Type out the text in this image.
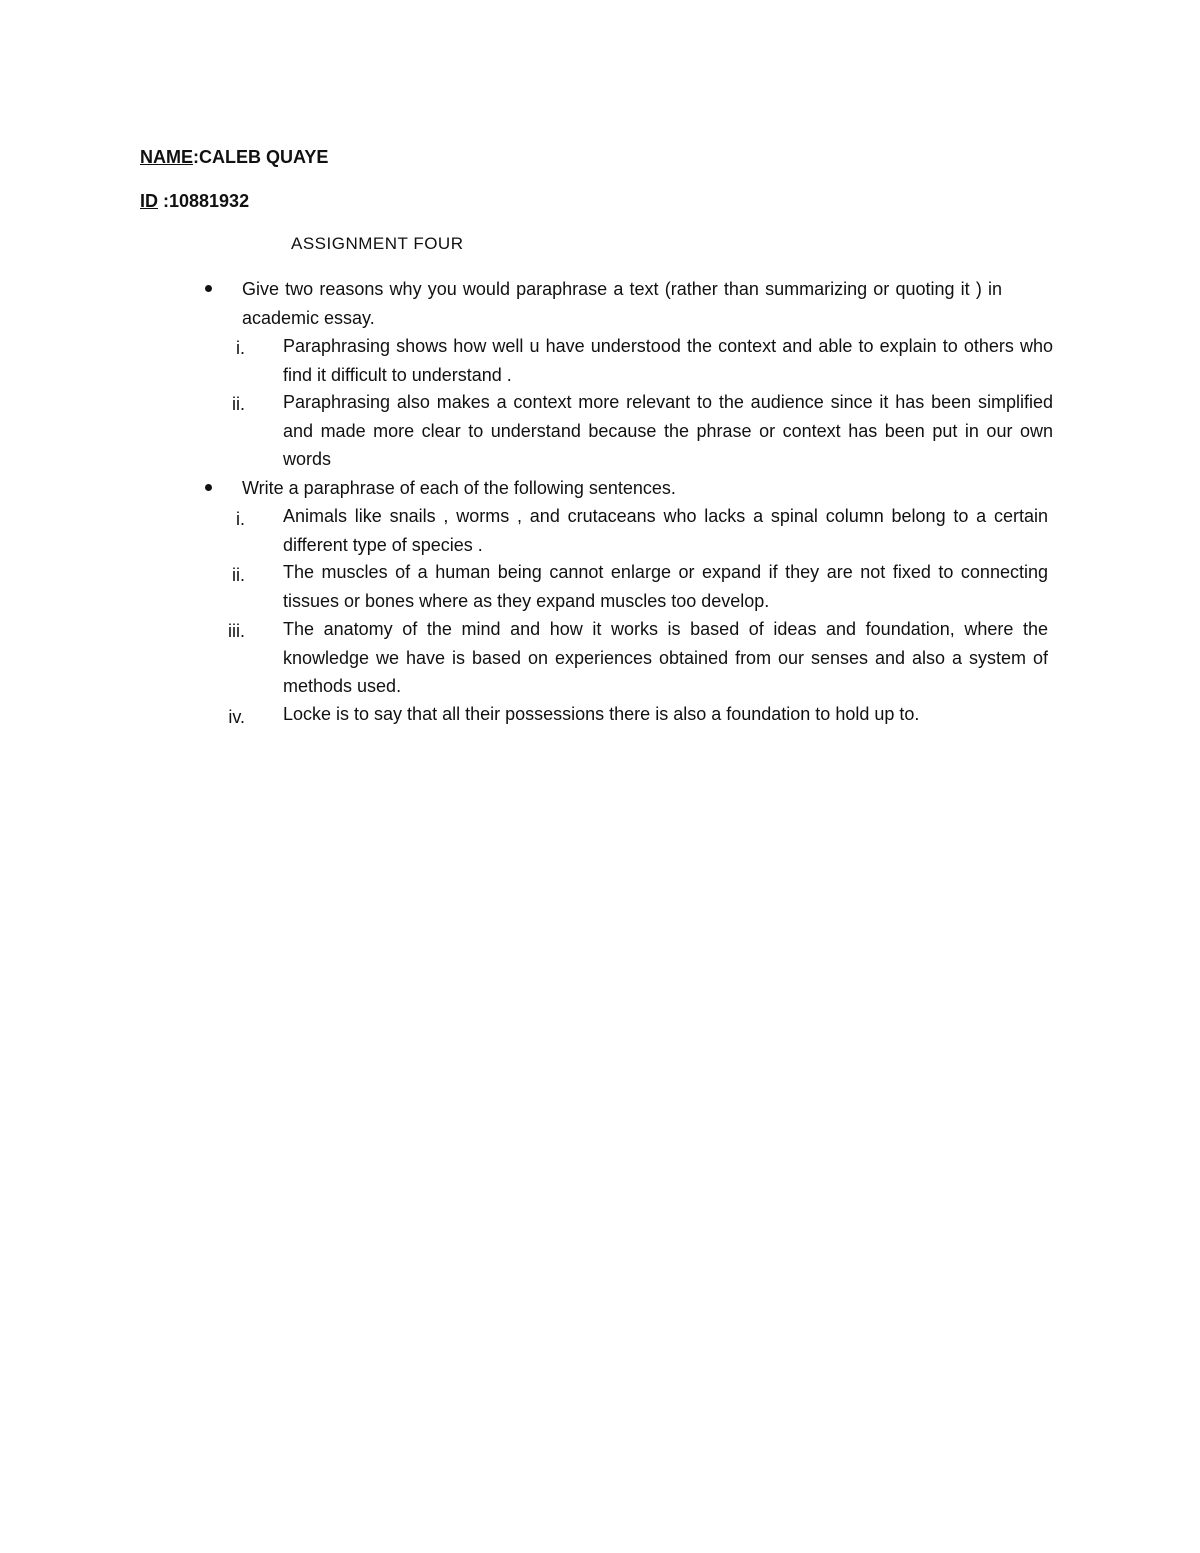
NAME:CALEB QUAYE
ID :10881932
ASSIGNMENT FOUR
Give two reasons why you would paraphrase a text (rather than summarizing or quoting it ) in academic essay.
i. Paraphrasing shows how well u have understood the context and able to explain to others who find it difficult to understand .
ii. Paraphrasing also makes a context more relevant to the audience since it has been simplified and made more clear to understand because the phrase or context has been put in our own words
Write a paraphrase of each of the following sentences.
i. Animals like snails , worms , and crutaceans who lacks a spinal column belong to a certain different type of species .
ii. The muscles of a human being cannot enlarge or expand if they are not fixed to connecting tissues or bones where as they expand muscles too develop.
iii. The anatomy of the mind and how it works is based of ideas and foundation, where the knowledge we have is based on experiences obtained from our senses and also a system of methods used.
iv. Locke is to say that all their possessions there is also a foundation to hold up to.
